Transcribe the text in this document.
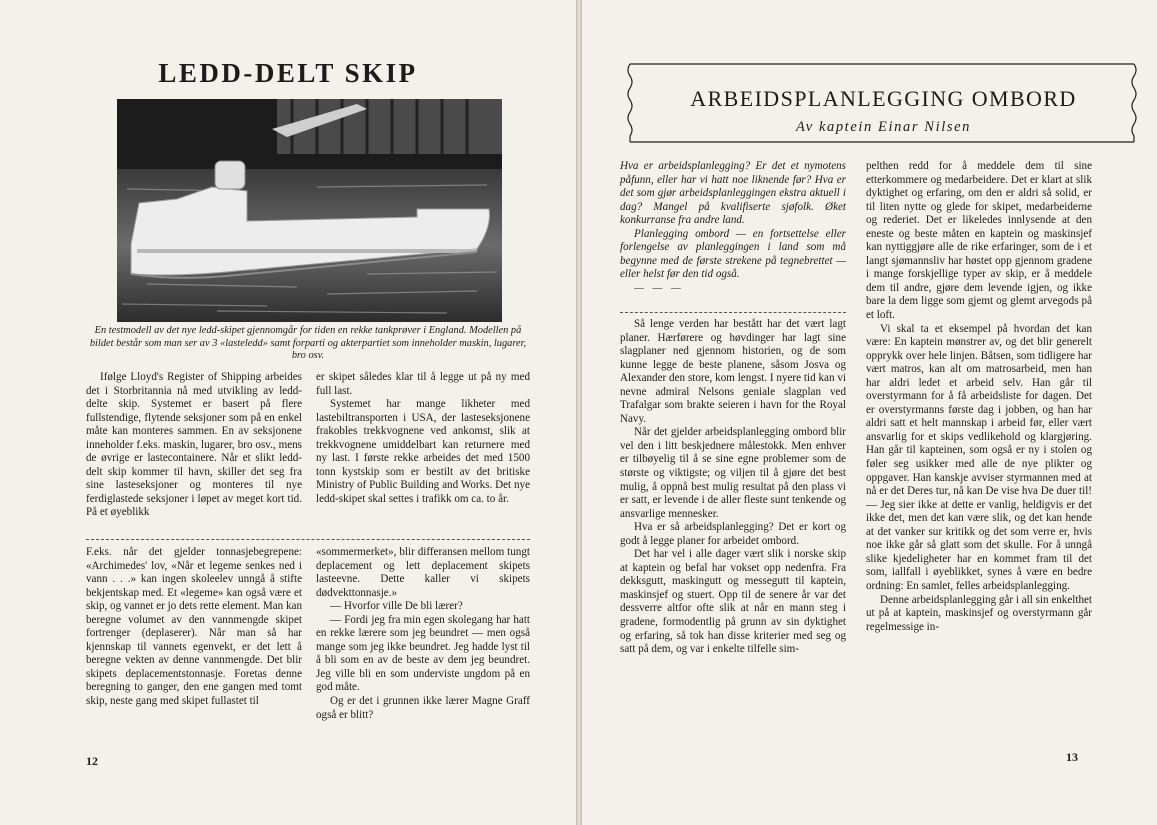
LEDD-DELT SKIP
En testmodell av det nye ledd-skipet gjennomgår for tiden en rekke tankprøver i England. Modellen på bildet består som man ser av 3 «lasteledd» samt forparti og akterpartiet som inneholder maskin, lugarer, bro osv.

Ifølge Lloyd's Register of Shipping arbeides det i Storbritannia nå med utvikling av ledd-delte skip. Systemet er basert på flere fullstendige, flytende seksjoner som på en enkel måte kan monteres sammen. En av seksjonene inneholder f.eks. maskin, lugarer, bro osv., mens de øvrige er lastecontainere. Når et slikt ledd-delt skip kommer til havn, skiller det seg fra sine lasteseksjoner og monteres til nye ferdiglastede seksjoner i løpet av meget kort tid. På et øyeblikk

er skipet således klar til å legge ut på ny med full last.

Systemet har mange likheter med lastebiltransporten i USA, der lasteseksjonene frakobles trekkvognene ved ankomst, slik at trekkvognene umiddelbart kan returnere med ny last. I første rekke arbeides det med 1500 tonn kystskip som er bestilt av det britiske Ministry of Public Building and Works. Det nye ledd-skipet skal settes i trafikk om ca. to år.

F.eks. når det gjelder tonnasjebegrepene: «Archimedes' lov, «Når et legeme senkes ned i vann . . .» kan ingen skoleelev unngå å stifte bekjentskap med. Et «legeme» kan også være et skip, og vannet er jo dets rette element. Man kan beregne volumet av den vannmengde skipet fortrenger (deplaserer). Når man så har kjennskap til vannets egenvekt, er det lett å beregne vekten av denne vannmengde. Det blir skipets deplacementstonnasje. Foretas denne beregning to ganger, den ene gangen med tomt skip, neste gang med skipet fullastet til

«sommermerket», blir differansen mellom tungt deplacement og lett deplacement skipets lasteevne. Dette kaller vi skipets dødvekttonnasje.»

— Hvorfor ville De bli lærer?

— Fordi jeg fra min egen skolegang har hatt en rekke lærere som jeg beundret — men også mange som jeg ikke beundret. Jeg hadde lyst til å bli som en av de beste av dem jeg beundret. Jeg ville bli en som underviste ungdom på en god måte.

Og er det i grunnen ikke lærer Magne Graff også er blitt?

12
ARBEIDSPLANLEGGING OMBORD
Av kaptein Einar Nilsen

Hva er arbeidsplanlegging? Er det et nymotens påfunn, eller har vi hatt noe liknende før? Hva er det som gjør arbeidsplanleggingen ekstra aktuell i dag? Mangel på kvalifiserte sjøfolk. Øket konkurranse fra andre land.

Planlegging ombord — en fortsettelse eller forlengelse av planleggingen i land som må begynne med de første strekene på tegnebrettet — eller helst før den tid også.

— — —

Så lenge verden har bestått har det vært lagt planer. Hærførere og høvdinger har lagt sine slagplaner ned gjennom historien, og de som kunne legge de beste planene, såsom Josva og Alexander den store, kom lengst. I nyere tid kan vi nevne admiral Nelsons geniale slagplan ved Trafalgar som brakte seieren i havn for the Royal Navy.

Når det gjelder arbeidsplanlegging ombord blir vel den i litt beskjednere målestokk. Men enhver er tilbøyelig til å se sine egne problemer som de største og viktigste; og viljen til å gjøre det best mulig, å oppnå best mulig resultat på den plass vi er satt, er levende i de aller fleste sunt tenkende og ansvarlige mennesker.

Hva er så arbeidsplanlegging? Det er kort og godt å legge planer for arbeidet ombord.

Det har vel i alle dager vært slik i norske skip at kaptein og befal har vokset opp nedenfra. Fra dekksgutt, maskingutt og messegutt til kaptein, maskinsjef og stuert. Opp til de senere år var det dessverre altfor ofte slik at når en mann steg i gradene, formodentlig på grunn av sin dyktighet og erfaring, så tok han disse kriterier med seg og satt på dem, og var i enkelte tilfelle sim-

pelthen redd for å meddele dem til sine etterkommere og medarbeidere. Det er klart at slik dyktighet og erfaring, om den er aldri så solid, er til liten nytte og glede for skipet, medarbeiderne og rederiet. Det er likeledes innlysende at den eneste og beste måten en kaptein og maskinsjef kan nyttiggjøre alle de rike erfaringer, som de i et langt sjømannsliv har høstet opp gjennom gradene i mange forskjellige typer av skip, er å meddele dem til andre, gjøre dem levende igjen, og ikke bare la dem ligge som gjemt og glemt arvegods på et loft.

Vi skal ta et eksempel på hvordan det kan være: En kaptein mønstrer av, og det blir generelt opprykk over hele linjen. Båtsen, som tidligere har vært matros, kan alt om matrosarbeid, men han har aldri ledet et arbeid selv. Han går til overstyrmann for å få arbeidsliste for dagen. Det er overstyrmanns første dag i jobben, og han har aldri satt et helt mannskap i arbeid før, eller vært ansvarlig for et skips vedlikehold og klargjøring. Han går til kapteinen, som også er ny i stolen og føler seg usikker med alle de nye plikter og oppgaver. Han kanskje avviser styrmannen med at nå er det Deres tur, nå kan De vise hva De duer til! — Jeg sier ikke at dette er vanlig, heldigvis er det ikke det, men det kan være slik, og det kan hende at det vanker sur kritikk og det som verre er, hvis noe ikke går så glatt som det skulle. For å unngå slike kjedeligheter har en kommet fram til det som, iallfall i øyeblikket, synes å være en bedre ordning: En samlet, felles arbeidsplanlegging.

Denne arbeidsplanlegging går i all sin enkelthet ut på at kaptein, maskinsjef og overstyrmann går regelmessige in-

13
